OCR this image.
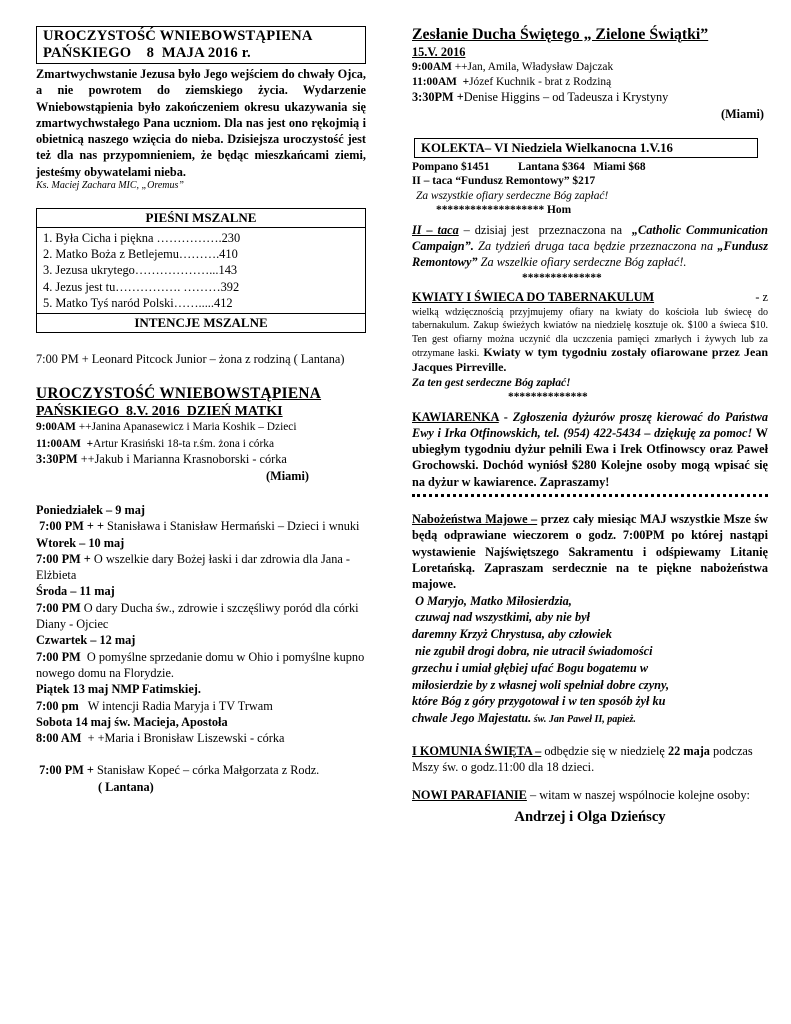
UROCZYSTOŚĆ WNIEBOWSTĄPIENA
PAŃSKIEGO    8  MAJA 2016 r.

Zmartwychwstanie Jezusa było Jego wejściem do chwały Ojca, a nie powrotem do ziemskiego życia. Wydarzenie Wniebowstąpienia było zakończeniem okresu ukazywania się zmartwychwstałego Pana uczniom. Dla nas jest ono rękojmią i obietnicą naszego wzięcia do nieba. Dzisiejsza uroczystość jest też dla nas przypomnieniem, że będąc mieszkańcami ziemi, jesteśmy obywatelami nieba.

Ks. Maciej Zachara MIC, „Oremus”

PIEŚNI MSZALNE
1. Była Cicha i piękna …………….230
2. Matko Boża z Betlejemu……….410
3. Jezusa ukrytego………………...143
4. Jezus jest tu……………. ………392
5. Matko Tyś naród Polski…….....412
INTENCJE MSZALNE

7:00 PM + Leonard Pitcock Junior – żona z rodziną ( Lantana)

UROCZYSTOŚĆ WNIEBOWSTĄPIENA
PAŃSKIEGO  8.V. 2016  DZIEŃ MATKI

9:00AM ++Janina Apanasewicz i Maria Koshik – Dzieci

11:00AM  +Artur Krasiński 18-ta r.śm. żona i córka

3:30PM ++Jakub i Marianna Krasnoborski - córka

(Miami)

Poniedziałek – 9 maj
7:00 PM + + Stanisława i Stanisław Hermański – Dzieci i wnuki
Wtorek – 10 maj
7:00 PM + O wszelkie dary Bożej łaski i dar zdrowia dla Jana - Elżbieta
Środa – 11 maj
7:00 PM O dary Ducha św., zdrowie i szczęśliwy poród dla córki Diany - Ojciec
Czwartek – 12 maj
7:00 PM  O pomyślne sprzedanie domu w Ohio i pomyślne kupno nowego domu na Florydzie.
Piątek 13 maj NMP Fatimskiej.
7:00 pm   W intencji Radia Maryja i TV Trwam
Sobota 14 maj św. Macieja, Apostoła
8:00 AM  + +Maria i Bronisław Liszewski - córka

7:00 PM + Stanisław Kopeć – córka Małgorzata z Rodz.( Lantana)

Zesłanie Ducha Świętego „ Zielone Świątki”
15.V. 2016

9:00AM ++Jan, Amila, Władysław Dajczak

11:00AM  +Józef Kuchnik - brat z Rodziną

3:30PM +Denise Higgins – od Tadeusza i Krystyny

(Miami)

KOLEKTA– VI Niedziela Wielkanocna 1.V.16

Pompano $1451          Lantana $364   Miami $68

II – taca “Fundusz Remontowy” $217

Za wszystkie ofiary serdeczne Bóg zapłać!

******************* Hom

II – taca – dzisiaj jest  przeznaczona na  „Catholic Communication Campaign”. Za tydzień druga taca będzie przeznaczona na „Fundusz Remontowy” Za wszelkie ofiary serdeczne Bóg zapłać!.

**************

KWIATY I ŚWIECA DO TABERNAKULUM	- z

wielką wdzięcznością przyjmujemy ofiary na kwiaty do kościoła lub świecę do tabernakulum. Zakup świeżych kwiatów na niedzielę kosztuje ok. $100 a świeca $10. Ten gest ofiarny można uczynić dla uczczenia pamięci zmarłych i żywych lub za otrzymane łaski. Kwiaty w tym tygodniu zostały ofiarowane przez Jean Jacques Pirreville.

Za ten gest serdeczne Bóg zapłać!

**************

KAWIARENKA - Zgłoszenia dyżurów proszę kierować do Państwa Ewy i Irka Otfinowskich, tel. (954) 422-5434 – dziękuję za pomoc! W ubiegłym tygodniu dyżur pełnili Ewa i Irek Otfinowscy oraz Paweł Grochowski. Dochód wyniósł $280 Kolejne osoby mogą wpisać się na dyżur w kawiarence. Zapraszamy!

Nabożeństwa Majowe – przez cały miesiąc MAJ wszystkie Msze św będą odprawiane wieczorem o godz. 7:00PM po której nastąpi wystawienie Najświętszego Sakramentu i odśpiewamy Litanię Loretańską. Zapraszam serdecznie na te piękne nabożeństwa majowe.

O Maryjo, Matko Miłosierdzia,
czuwaj nad wszystkimi, aby nie był
daremny Krzyż Chrystusa, aby człowiek
nie zgubił drogi dobra, nie utracił świadomości
grzechu i umiał głębiej ufać Bogu bogatemu w
miłosierdzie by z własnej woli spełniał dobre czyny,
które Bóg z góry przygotował i w ten sposób żył ku
chwale Jego Majestatu. św. Jan Paweł II, papież.

I KOMUNIA ŚWIĘTA – odbędzie się w niedzielę 22 maja podczas Mszy św. o godz.11:00 dla 18 dzieci.

NOWI PARAFIANIE – witam w naszej wspólnocie kolejne osoby:

Andrzej i Olga Dzieńscy
